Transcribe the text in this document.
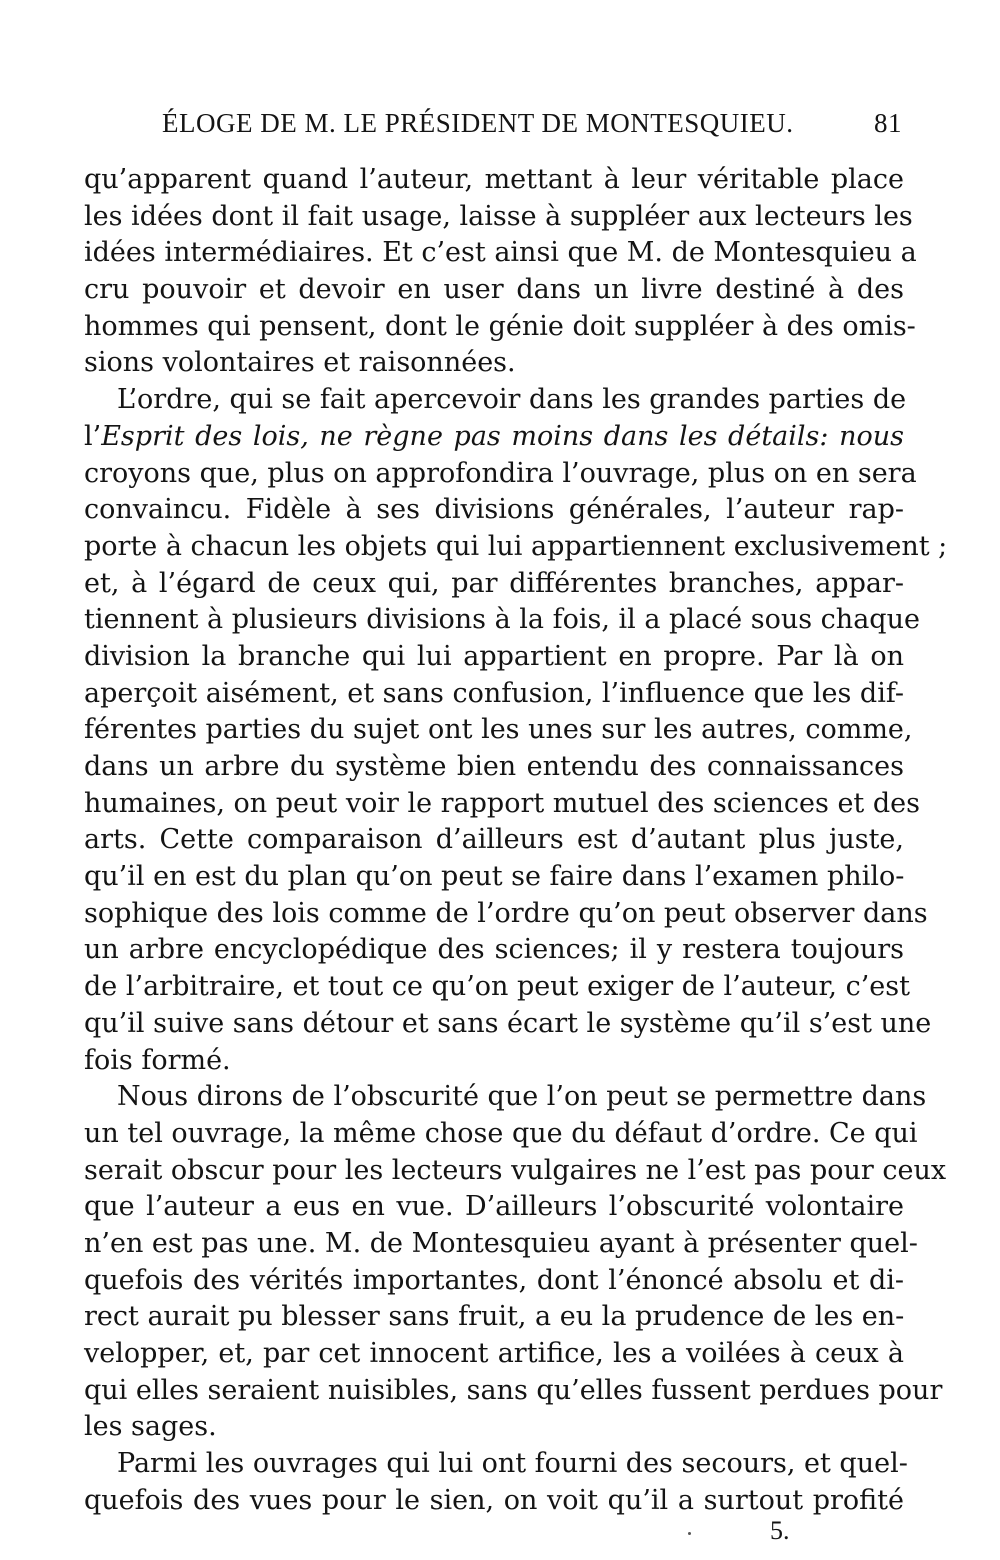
ÉLOGE DE M. LE PRÉSIDENT DE MONTESQUIEU.	81
qu’apparent quand l’auteur, mettant à leur véritable place
les idées dont il fait usage, laisse à suppléer aux lecteurs les
idées intermédiaires. Et c’est ainsi que M. de Montesquieu a
cru pouvoir et devoir en user dans un livre destiné à des
hommes qui pensent, dont le génie doit suppléer à des omis-
sions volontaires et raisonnées.
L’ordre, qui se fait apercevoir dans les grandes parties de
l’Esprit des lois, ne règne pas moins dans les détails: nous
croyons que, plus on approfondira l’ouvrage, plus on en sera
convaincu. Fidèle à ses divisions générales, l’auteur rap-
porte à chacun les objets qui lui appartiennent exclusivement ;
et, à l’égard de ceux qui, par différentes branches, appar-
tiennent à plusieurs divisions à la fois, il a placé sous chaque
division la branche qui lui appartient en propre. Par là on
aperçoit aisément, et sans confusion, l’influence que les dif-
férentes parties du sujet ont les unes sur les autres, comme,
dans un arbre du système bien entendu des connaissances
humaines, on peut voir le rapport mutuel des sciences et des
arts. Cette comparaison d’ailleurs est d’autant plus juste,
qu’il en est du plan qu’on peut se faire dans l’examen philo-
sophique des lois comme de l’ordre qu’on peut observer dans
un arbre encyclopédique des sciences; il y restera toujours
de l’arbitraire, et tout ce qu’on peut exiger de l’auteur, c’est
qu’il suive sans détour et sans écart le système qu’il s’est une
fois formé.
Nous dirons de l’obscurité que l’on peut se permettre dans
un tel ouvrage, la même chose que du défaut d’ordre. Ce qui
serait obscur pour les lecteurs vulgaires ne l’est pas pour ceux
que l’auteur a eus en vue. D’ailleurs l’obscurité volontaire
n’en est pas une. M. de Montesquieu ayant à présenter quel-
quefois des vérités importantes, dont l’énoncé absolu et di-
rect aurait pu blesser sans fruit, a eu la prudence de les en-
velopper, et, par cet innocent artifice, les a voilées à ceux à
qui elles seraient nuisibles, sans qu’elles fussent perdues pour
les sages.
Parmi les ouvrages qui lui ont fourni des secours, et quel-
quefois des vues pour le sien, on voit qu’il a surtout profité
5.
